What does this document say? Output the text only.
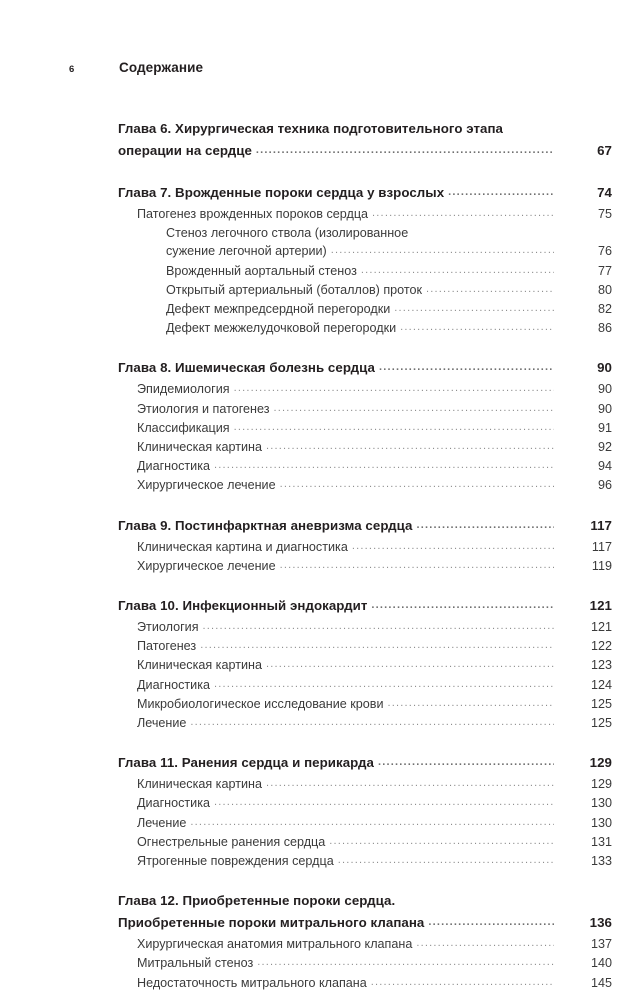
6	Содержание
Глава 6. Хирургическая техника подготовительного этапа
операции на сердце .....	67
Глава 7. Врожденные пороки сердца у взрослых .....	74
Патогенез врожденных пороков сердца .....	75
Стеноз легочного ствола (изолированное
сужение легочной артерии) .....	76
Врожденный аортальный стеноз .....	77
Открытый артериальный (боталлов) проток .....	80
Дефект межпредсердной перегородки .....	82
Дефект межжелудочковой перегородки .....	86
Глава 8. Ишемическая болезнь сердца .....	90
Эпидемиология .....	90
Этиология и патогенез .....	90
Классификация .....	91
Клиническая картина .....	92
Диагностика .....	94
Хирургическое лечение .....	96
Глава 9. Постинфарктная аневризма сердца .....	117
Клиническая картина и диагностика .....	117
Хирургическое лечение .....	119
Глава 10. Инфекционный эндокардит .....	121
Этиология .....	121
Патогенез .....	122
Клиническая картина .....	123
Диагностика .....	124
Микробиологическое исследование крови .....	125
Лечение .....	125
Глава 11. Ранения сердца и перикарда .....	129
Клиническая картина .....	129
Диагностика .....	130
Лечение .....	130
Огнестрельные ранения сердца .....	131
Ятрогенные повреждения сердца .....	133
Глава 12. Приобретенные пороки сердца.
Приобретенные пороки митрального клапана .....	136
Хирургическая анатомия митрального клапана .....	137
Митральный стеноз .....	140
Недостаточность митрального клапана .....	145
